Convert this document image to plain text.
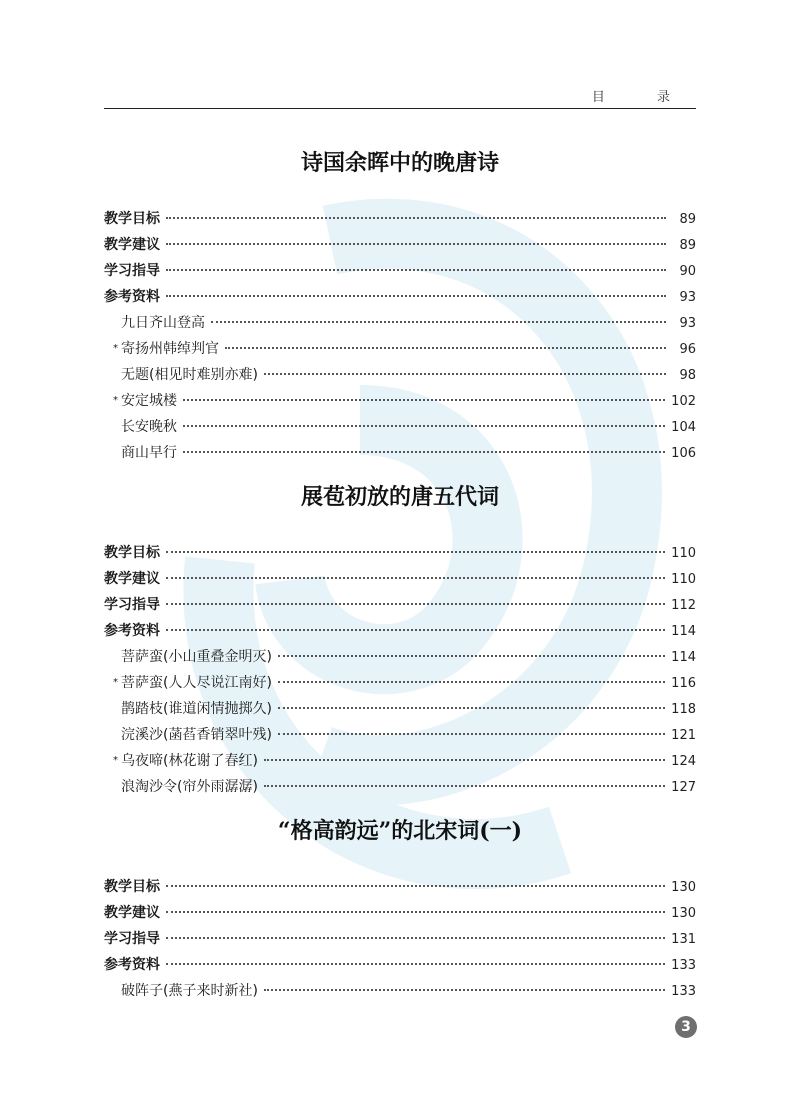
目 录
诗国余晖中的晚唐诗
教学目标	89
教学建议	89
学习指导	90
参考资料	93
九日齐山登高	93
* 寄扬州韩绰判官	96
无题(相见时难别亦难)	98
* 安定城楼	102
长安晚秋	104
商山早行	106
展苞初放的唐五代词
教学目标	110
教学建议	110
学习指导	112
参考资料	114
菩萨蛮(小山重叠金明灭)	114
* 菩萨蛮(人人尽说江南好)	116
鹊踏枝(谁道闲情抛掷久)	118
浣溪沙(菡萏香销翠叶残)	121
* 乌夜啼(林花谢了春红)	124
浪淘沙令(帘外雨潺潺)	127
“格高韵远”的北宋词(一)
教学目标	130
教学建议	130
学习指导	131
参考资料	133
破阵子(燕子来时新社)	133
3
